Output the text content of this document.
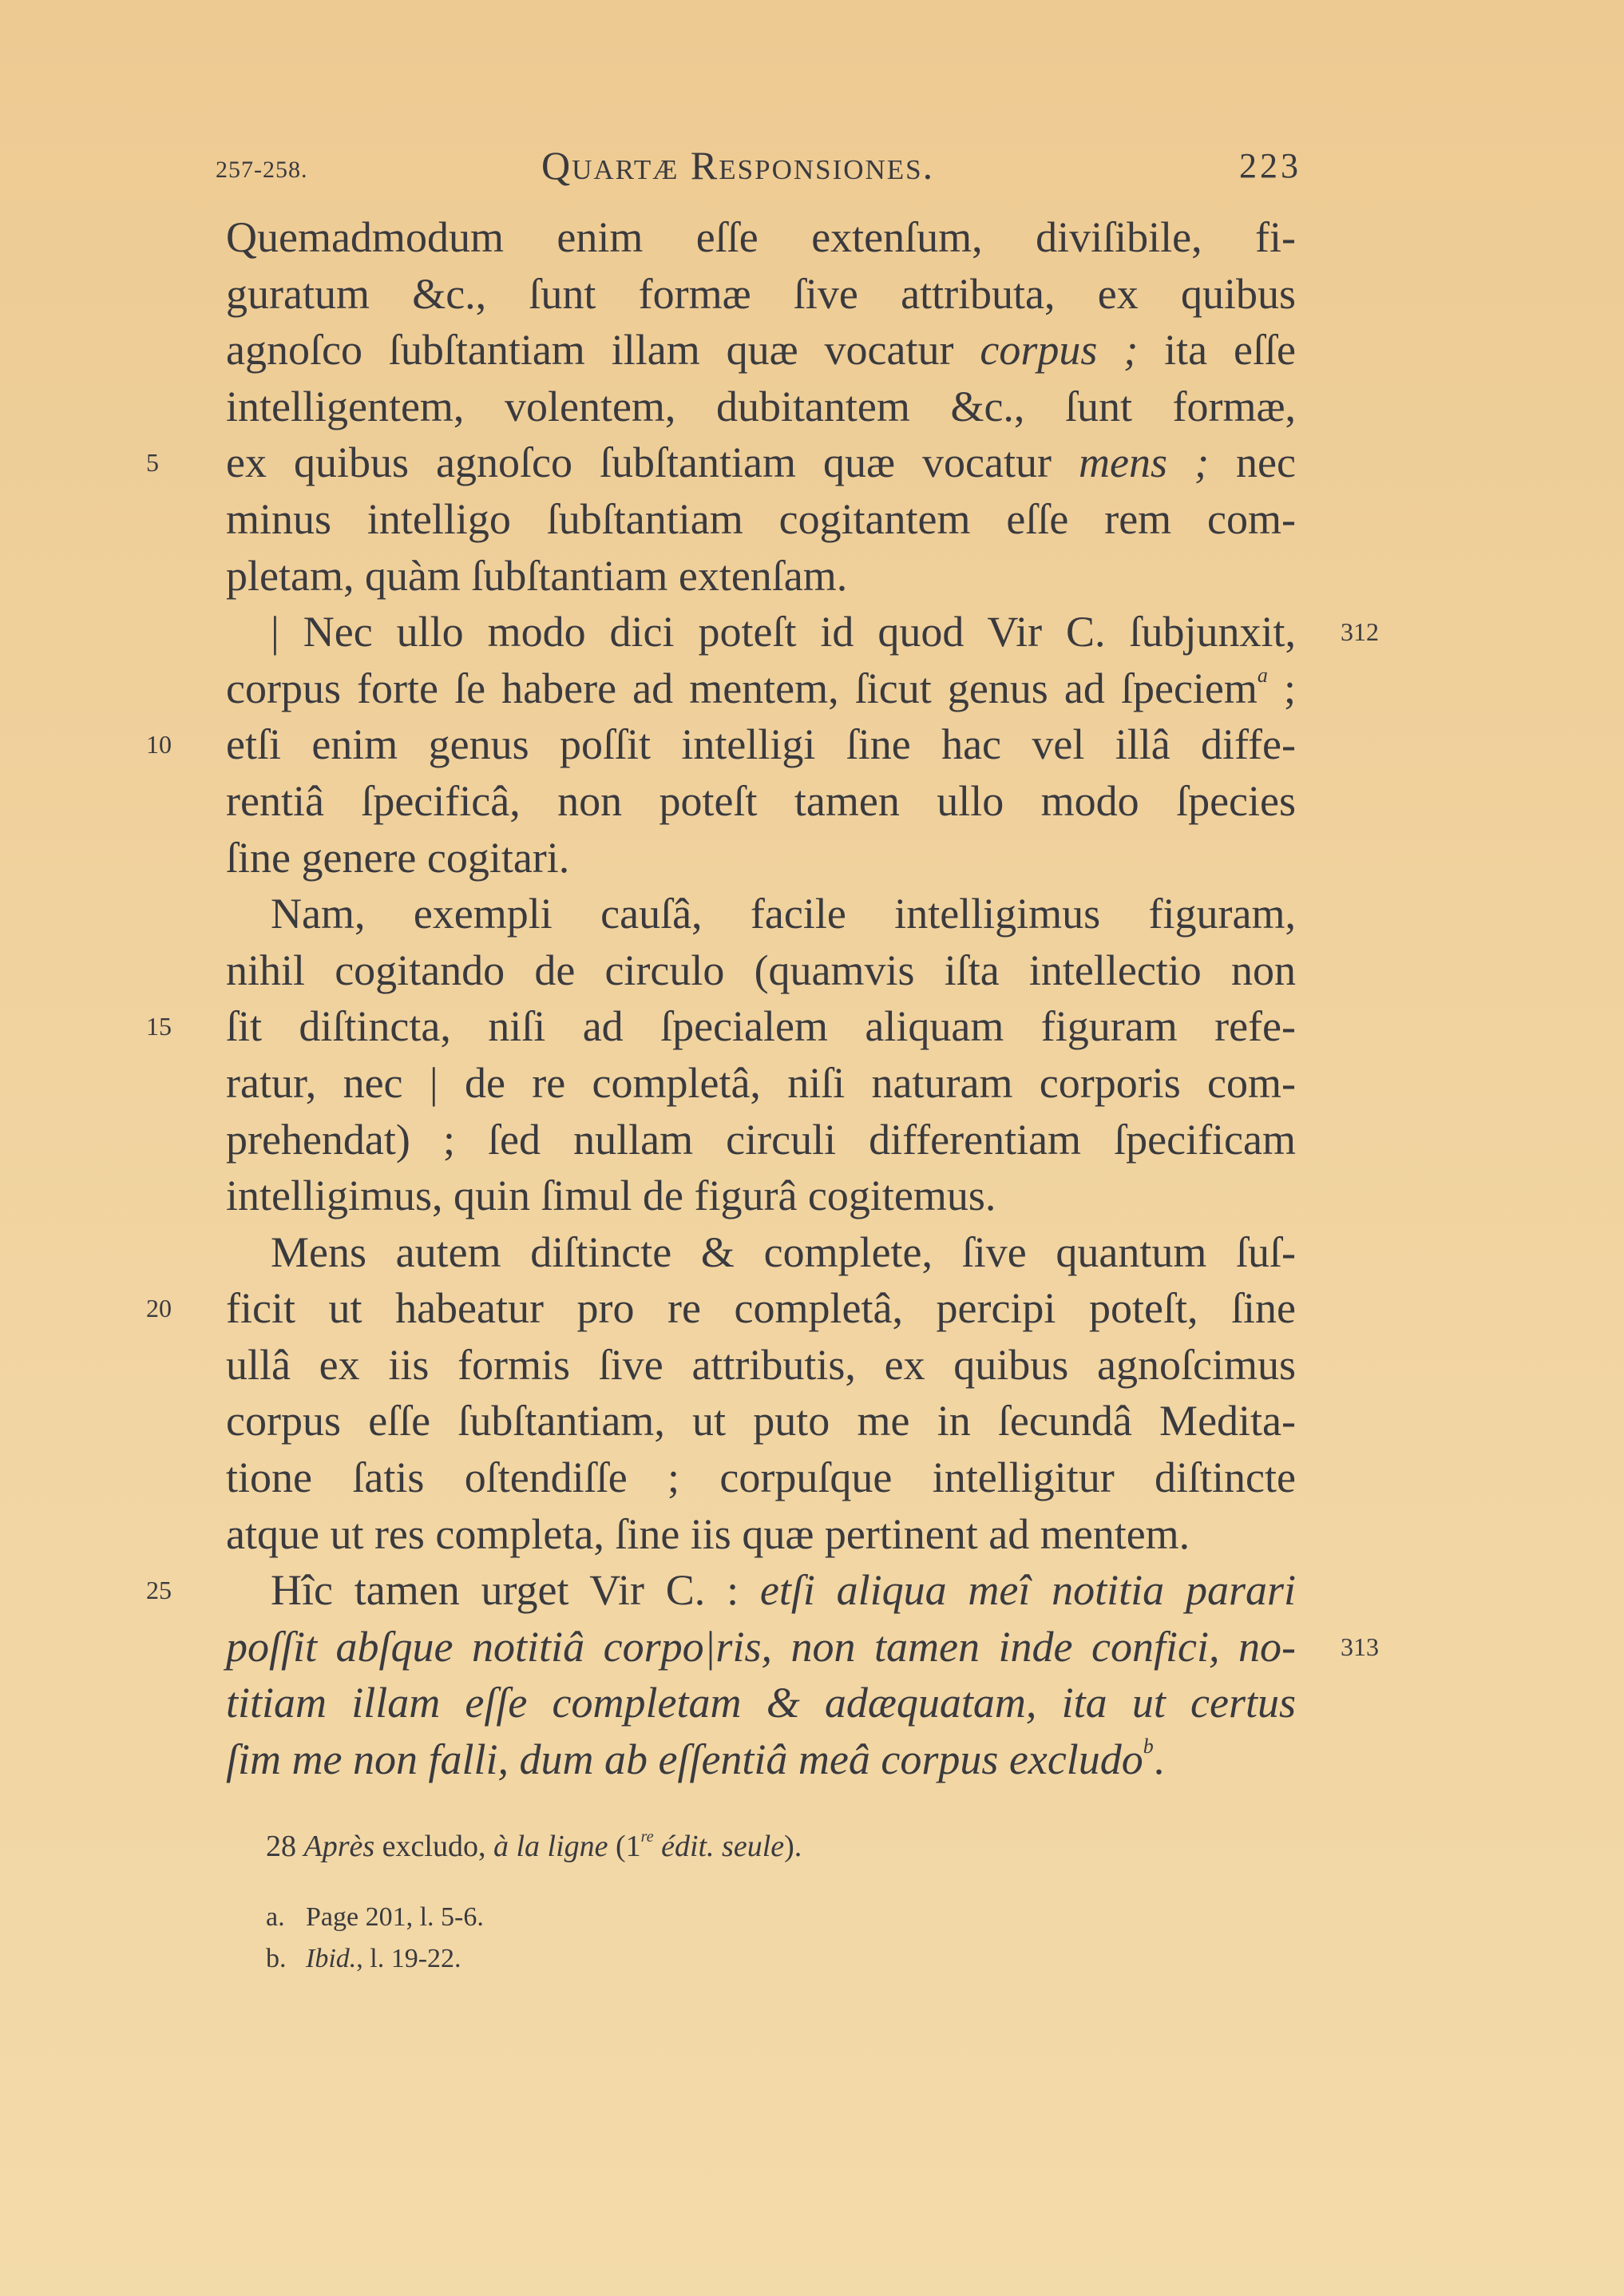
257-258.	Quartæ Responsiones.	223
Quemadmodum enim eſſe extenſum, diviſibile, fi-
guratum &c., ſunt formæ ſive attributa, ex quibus
agnoſco ſubſtantiam illam quæ vocatur corpus ; ita eſſe
intelligentem, volentem, dubitantem &c., ſunt formæ,
5	ex quibus agnoſco ſubſtantiam quæ vocatur mens ; nec
minus intelligo ſubſtantiam cogitantem eſſe rem com-
pletam, quàm ſubſtantiam extenſam.
| Nec ullo modo dici poteſt id quod Vir C. ſubjunxit, 312
corpus forte ſe habere ad mentem, ſicut genus ad ſpeciem$^a$ ;
10 etſi enim genus poſſit intelligi ſine hac vel illâ diffe-
rentiâ ſpecificâ, non poteſt tamen ullo modo ſpecies
ſine genere cogitari.
Nam, exempli cauſâ, facile intelligimus figuram,
nihil cogitando de circulo (quamvis iſta intellectio non
15 ſit diſtincta, niſi ad ſpecialem aliquam figuram refe-
ratur, nec | de re completâ, niſi naturam corporis com-
prehendat) ; ſed nullam circuli differentiam ſpecificam
intelligimus, quin ſimul de figurâ cogitemus.
Mens autem diſtincte & complete, ſive quantum ſuſ-
20 ficit ut habeatur pro re completâ, percipi poteſt, ſine
ullâ ex iis formis ſive attributis, ex quibus agnoſcimus
corpus eſſe ſubſtantiam, ut puto me in ſecundâ Medita-
tione ſatis oſtendiſſe ; corpuſque intelligitur diſtincte
atque ut res completa, ſine iis quæ pertinent ad mentem.
25 Hîc tamen urget Vir C. : etſi aliqua meî notitia parari
poſſit abſque notitiâ corpo|ris, non tamen inde confici, no- 313
titiam illam eſſe completam & adæquatam, ita ut certus
ſim me non falli, dum ab eſſentiâ meâ corpus excludo$^b$.
28 Après excludo, à la ligne (1re édit. seule).
a. Page 201, l. 5-6.
b. Ibid., l. 19-22.
